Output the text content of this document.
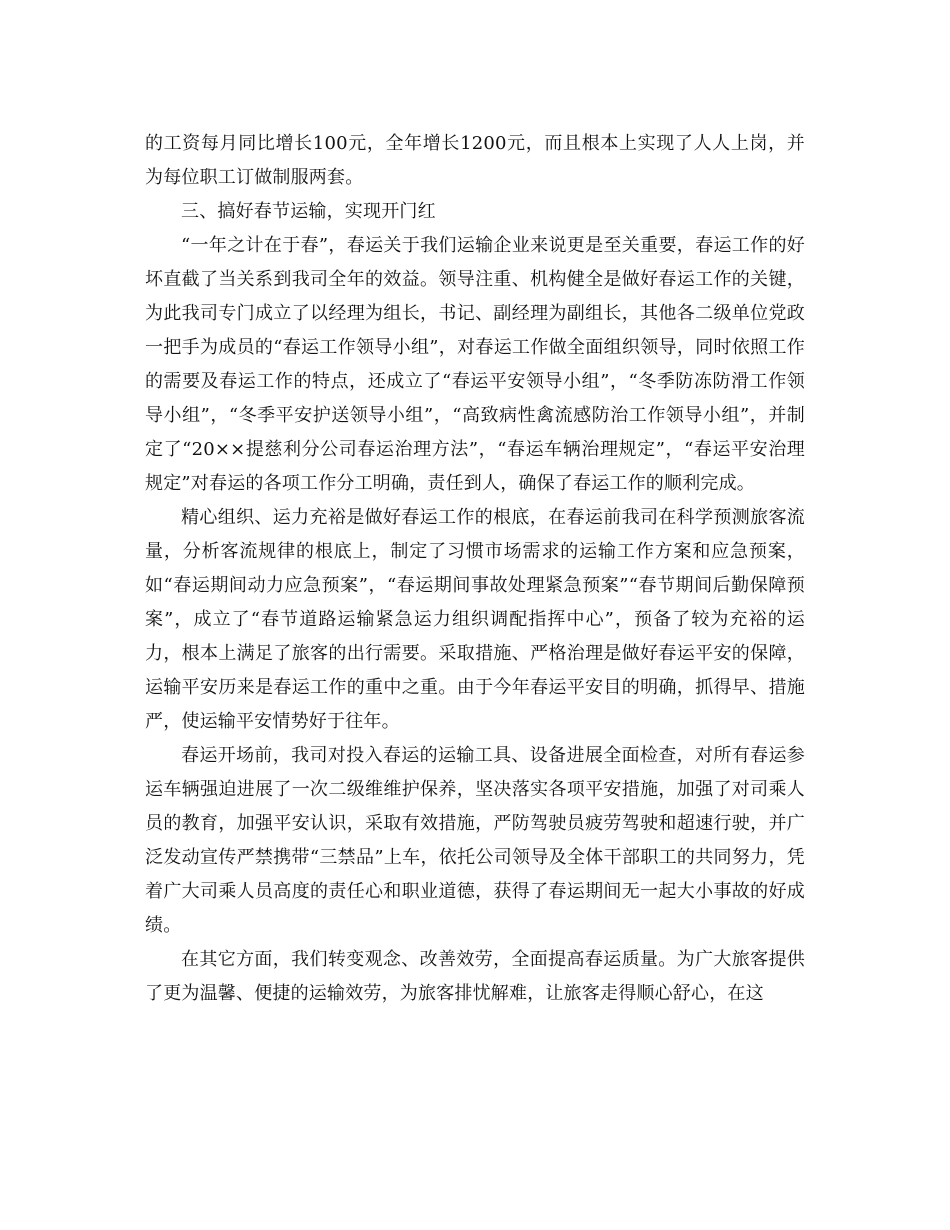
的工资每月同比增长100元，全年增长1200元，而且根本上实现了人人上岗，并为每位职工订做制服两套。

三、搞好春节运输，实现开门红

“一年之计在于春”，春运关于我们运输企业来说更是至关重要，春运工作的好坏直截了当关系到我司全年的效益。领导注重、机构健全是做好春运工作的关键，为此我司专门成立了以经理为组长，书记、副经理为副组长，其他各二级单位党政一把手为成员的“春运工作领导小组”，对春运工作做全面组织领导，同时依照工作的需要及春运工作的特点，还成立了“春运平安领导小组”，“冬季防冻防滑工作领导小组”，“冬季平安护送领导小组”，“高致病性禽流感防治工作领导小组”，并制定了“20××提慈利分公司春运治理方法”，“春运车辆治理规定”，“春运平安治理规定”对春运的各项工作分工明确，责任到人，确保了春运工作的顺利完成。

精心组织、运力充裕是做好春运工作的根底，在春运前我司在科学预测旅客流量，分析客流规律的根底上，制定了习惯市场需求的运输工作方案和应急预案，如“春运期间动力应急预案”，“春运期间事故处理紧急预案”“春节期间后勤保障预案”，成立了“春节道路运输紧急运力组织调配指挥中心”，预备了较为充裕的运力，根本上满足了旅客的出行需要。采取措施、严格治理是做好春运平安的保障，运输平安历来是春运工作的重中之重。由于今年春运平安目的明确，抓得早、措施严，使运输平安情势好于往年。

春运开场前，我司对投入春运的运输工具、设备进展全面检查，对所有春运参运车辆强迫进展了一次二级维维护保养，坚决落实各项平安措施，加强了对司乘人员的教育，加强平安认识，采取有效措施，严防驾驶员疲劳驾驶和超速行驶，并广泛发动宣传严禁携带“三禁品”上车，依托公司领导及全体干部职工的共同努力，凭着广大司乘人员高度的责任心和职业道德，获得了春运期间无一起大小事故的好成绩。

在其它方面，我们转变观念、改善效劳，全面提高春运质量。为广大旅客提供了更为温馨、便捷的运输效劳，为旅客排忧解难，让旅客走得顺心舒心，在这
